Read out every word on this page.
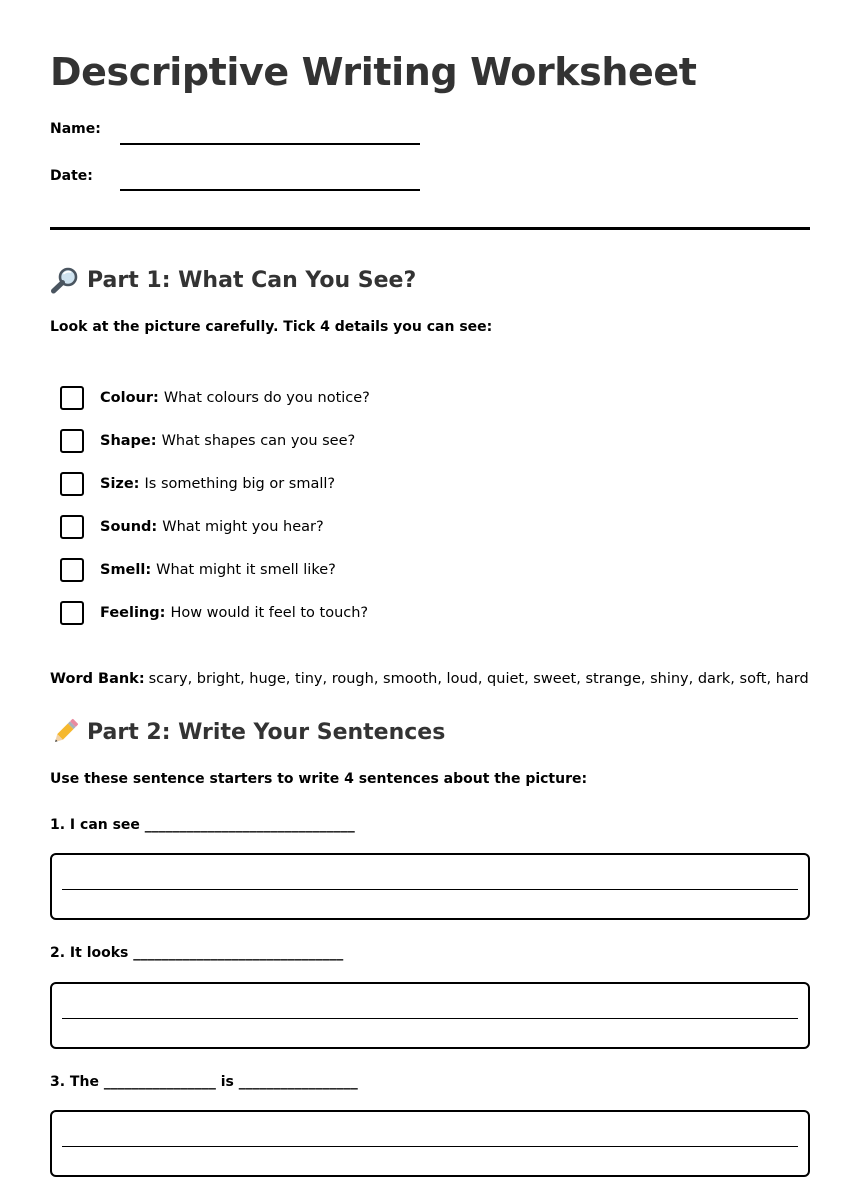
Descriptive Writing Worksheet
Name:
Date:
Part 1: What Can You See?
Look at the picture carefully. Tick 4 details you can see:
Colour: What colours do you notice?
Shape: What shapes can you see?
Size: Is something big or small?
Sound: What might you hear?
Smell: What might it smell like?
Feeling: How would it feel to touch?
Word Bank: scary, bright, huge, tiny, rough, smooth, loud, quiet, sweet, strange, shiny, dark, soft, hard
Part 2: Write Your Sentences
Use these sentence starters to write 4 sentences about the picture:
1. I can see ______________________________
2. It looks ______________________________
3. The ________________ is _________________
